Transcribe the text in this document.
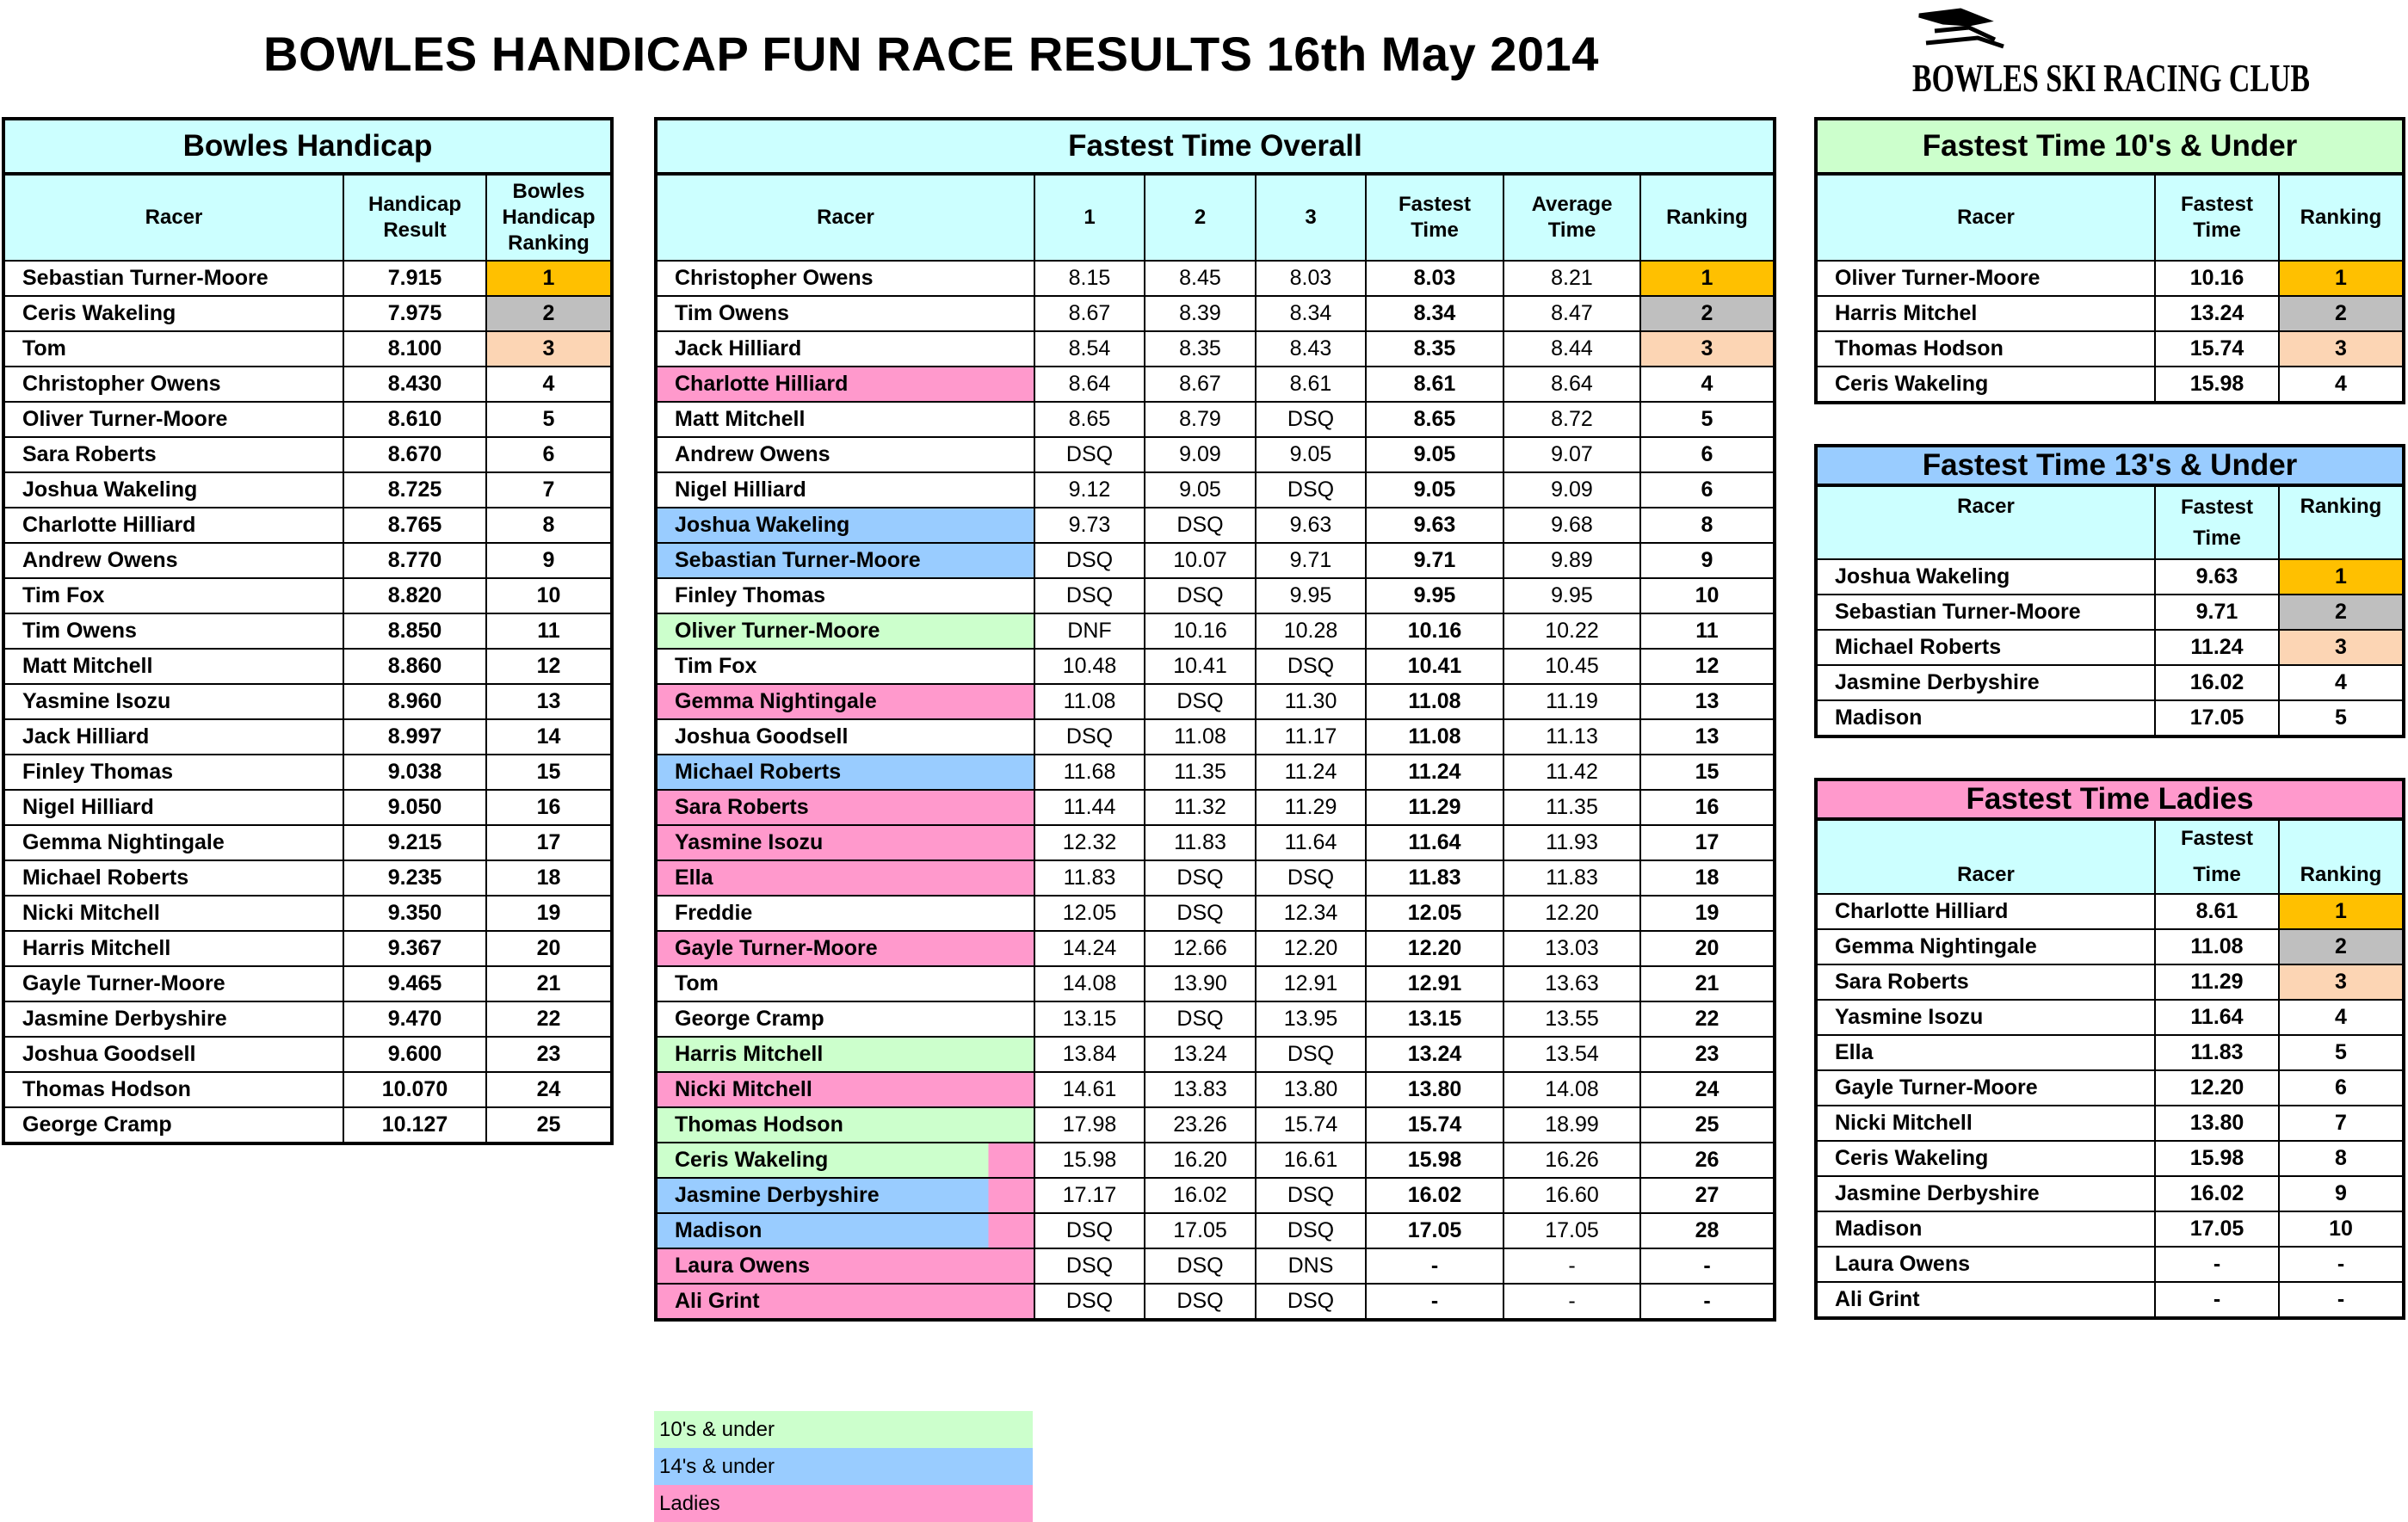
BOWLES HANDICAP FUN RACE RESULTS 16th May 2014	BOWLES SKI RACING CLUB
Bowles Handicap		
Racer	Handicap Result	Bowles Handicap Ranking
Sebastian Turner-Moore	7.915	1
Ceris Wakeling	7.975	2
Tom	8.100	3
Christopher Owens	8.430	4
Oliver Turner-Moore	8.610	5
Sara Roberts	8.670	6
Joshua Wakeling	8.725	7
Charlotte Hilliard	8.765	8
Andrew Owens	8.770	9
Tim Fox	8.820	10
Tim Owens	8.850	11
Matt Mitchell	8.860	12
Yasmine Isozu	8.960	13
Jack Hilliard	8.997	14
Finley Thomas	9.038	15
Nigel Hilliard	9.050	16
Gemma Nightingale	9.215	17
Michael Roberts	9.235	18
Nicki Mitchell	9.350	19
Harris Mitchell	9.367	20
Gayle Turner-Moore	9.465	21
Jasmine Derbyshire	9.470	22
Joshua Goodsell	9.600	23
Thomas Hodson	10.070	24
George Cramp	10.127	25
Fastest Time Overall						
Racer	1	2	3	Fastest Time	Average Time	Ranking
Christopher Owens	8.15	8.45	8.03	8.03	8.21	1
Tim Owens	8.67	8.39	8.34	8.34	8.47	2
Jack Hilliard	8.54	8.35	8.43	8.35	8.44	3
Charlotte Hilliard	8.64	8.67	8.61	8.61	8.64	4
Matt Mitchell	8.65	8.79	DSQ	8.65	8.72	5
Andrew Owens	DSQ	9.09	9.05	9.05	9.07	6
Nigel Hilliard	9.12	9.05	DSQ	9.05	9.09	6
Joshua Wakeling	9.73	DSQ	9.63	9.63	9.68	8
Sebastian Turner-Moore	DSQ	10.07	9.71	9.71	9.89	9
Finley Thomas	DSQ	DSQ	9.95	9.95	9.95	10
Oliver Turner-Moore	DNF	10.16	10.28	10.16	10.22	11
Tim Fox	10.48	10.41	DSQ	10.41	10.45	12
Gemma Nightingale	11.08	DSQ	11.30	11.08	11.19	13
Joshua Goodsell	DSQ	11.08	11.17	11.08	11.13	13
Michael Roberts	11.68	11.35	11.24	11.24	11.42	15
Sara Roberts	11.44	11.32	11.29	11.29	11.35	16
Yasmine Isozu	12.32	11.83	11.64	11.64	11.93	17
Ella	11.83	DSQ	DSQ	11.83	11.83	18
Freddie	12.05	DSQ	12.34	12.05	12.20	19
Gayle Turner-Moore	14.24	12.66	12.20	12.20	13.03	20
Tom	14.08	13.90	12.91	12.91	13.63	21
George Cramp	13.15	DSQ	13.95	13.15	13.55	22
Harris Mitchell	13.84	13.24	DSQ	13.24	13.54	23
Nicki Mitchell	14.61	13.83	13.80	13.80	14.08	24
Thomas Hodson	17.98	23.26	15.74	15.74	18.99	25
Ceris Wakeling	15.98	16.20	16.61	15.98	16.26	26
Jasmine Derbyshire	17.17	16.02	DSQ	16.02	16.60	27
Madison	DSQ	17.05	DSQ	17.05	17.05	28
Laura Owens	DSQ	DSQ	DNS	-	-	-
Ali Grint	DSQ	DSQ	DSQ	-	-	-
Fastest Time 10's & Under		
Racer	Fastest Time	Ranking
Oliver Turner-Moore	10.16	1
Harris Mitchel	13.24	2
Thomas Hodson	15.74	3
Ceris Wakeling	15.98	4
Fastest Time 13's & Under		
Racer	Fastest Time	Ranking
Joshua Wakeling	9.63	1
Sebastian Turner-Moore	9.71	2
Michael Roberts	11.24	3
Jasmine Derbyshire	16.02	4
Madison	17.05	5
Fastest Time Ladies		
Racer	Fastest Time	Ranking
Charlotte Hilliard	8.61	1
Gemma Nightingale	11.08	2
Sara Roberts	11.29	3
Yasmine Isozu	11.64	4
Ella	11.83	5
Gayle Turner-Moore	12.20	6
Nicki Mitchell	13.80	7
Ceris Wakeling	15.98	8
Jasmine Derbyshire	16.02	9
Madison	17.05	10
Laura Owens	-	-
Ali Grint	-	-
10's & under
14's & under
Ladies
